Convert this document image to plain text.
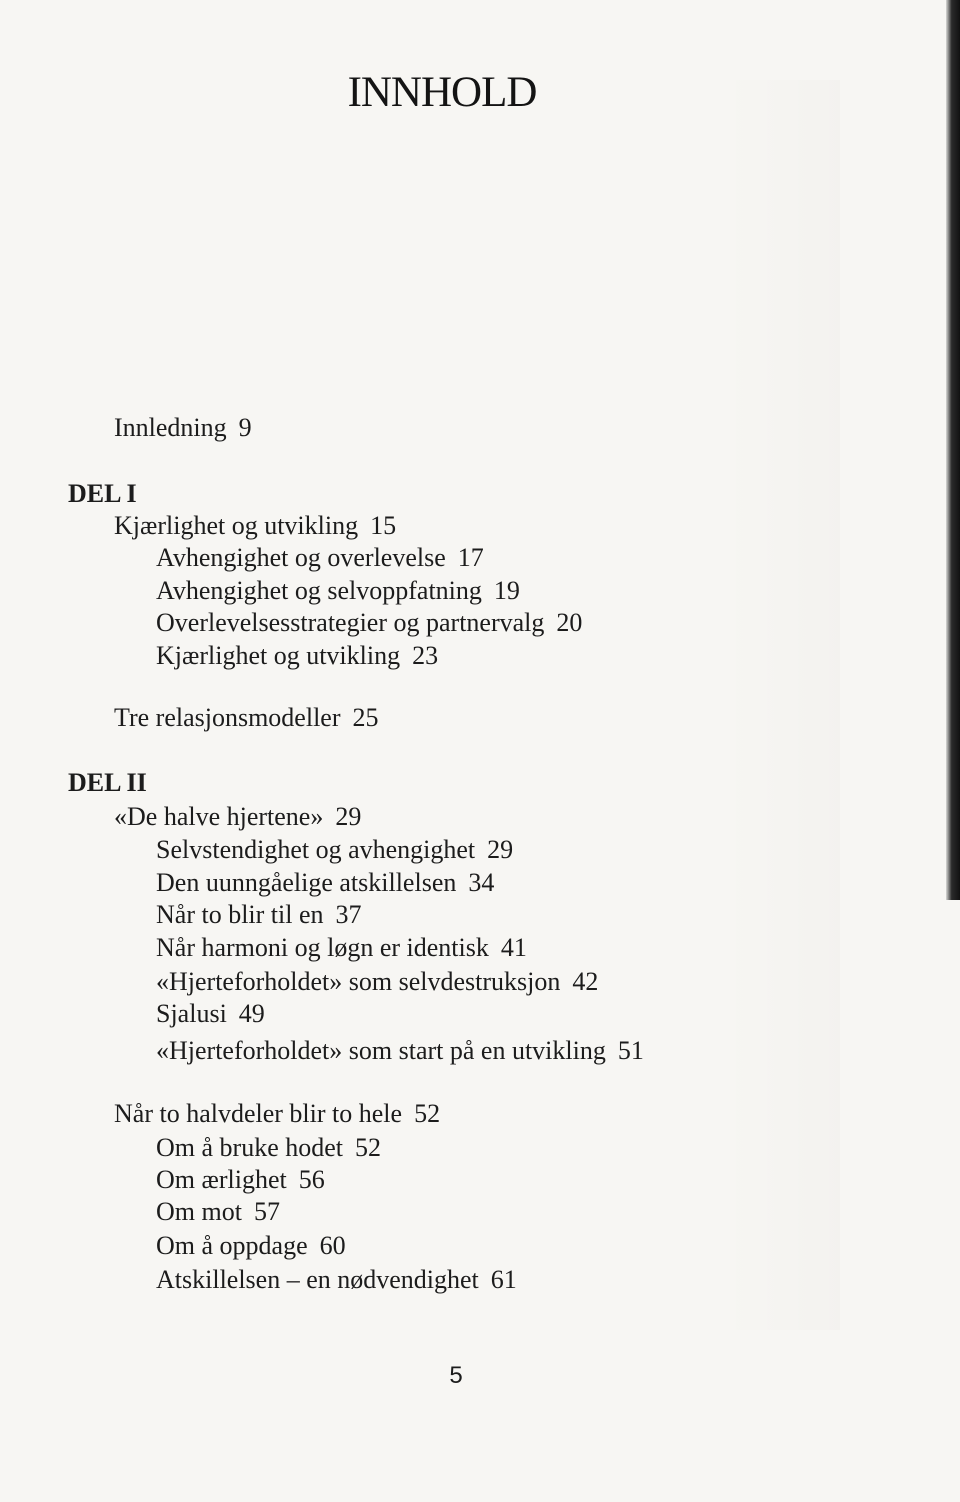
INNHOLD
Innledning 9
DEL I
Kjærlighet og utvikling 15
Avhengighet og overlevelse 17
Avhengighet og selvoppfatning 19
Overlevelsesstrategier og partnervalg 20
Kjærlighet og utvikling 23
Tre relasjonsmodeller 25
DEL II
«De halve hjertene» 29
Selvstendighet og avhengighet 29
Den uunngåelige atskillelsen 34
Når to blir til en 37
Når harmoni og løgn er identisk 41
«Hjerteforholdet» som selvdestruksjon 42
Sjalusi 49
«Hjerteforholdet» som start på en utvikling 51
Når to halvdeler blir to hele 52
Om å bruke hodet 52
Om ærlighet 56
Om mot 57
Om å oppdage 60
Atskillelsen – en nødvendighet 61
5
